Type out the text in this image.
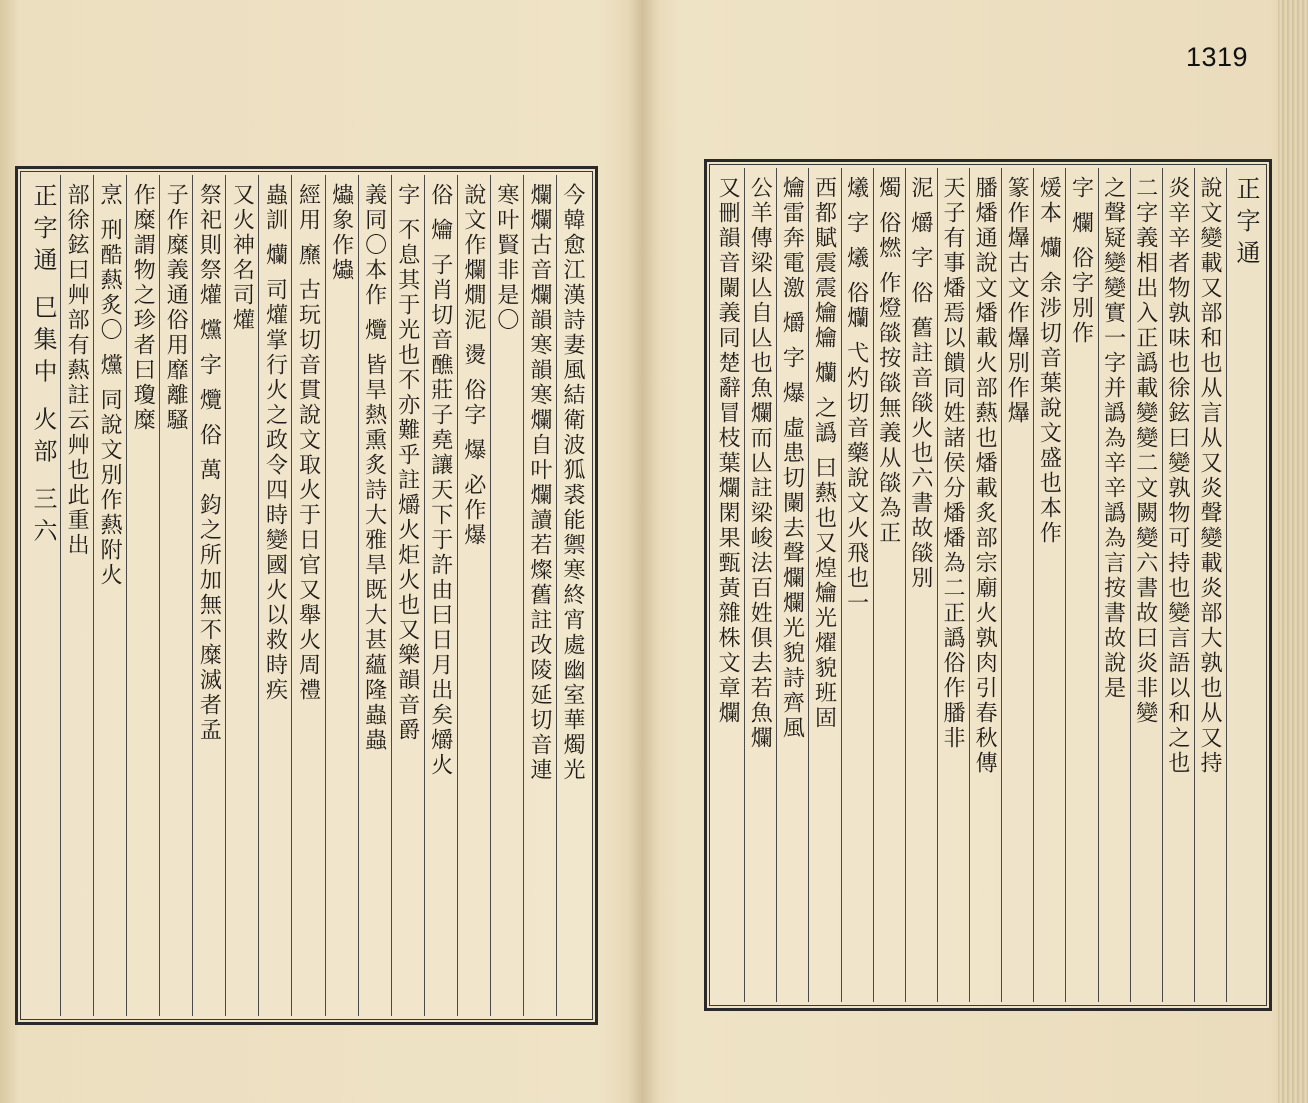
1319
今韓愈江漢詩妻風結衛波狐裘能禦寒終宵處幽室華燭光
爛爛古音爛韻寒韻寒爛自叶爛讀若燦舊註改陵延切音連
寒叶賢非是〇
說文作爛燗泥 燙 俗字 爆 必作爆
俗 爚 子肖切音醮莊子堯讓天下于許由曰日月出矣爝火
字 不息其于光也不亦難乎註爝火炬火也又樂韻音爵
義同〇本作 爦 皆旱熱熏炙詩大雅旱既大甚蘊隆蟲蟲
爞象作爞
經用 爢 古玩切音貫說文取火于日官又舉火周禮
蟲訓 爤 司爟掌行火之政令四時變國火以救時疾
又火神名司爟
祭祀則祭爟 爣 字 爦 俗 萬 鈞之所加無不糜滅者孟
子作糜義通俗用靡離騷
作糜謂物之珍者曰瓊糜
烹 刑酷爇炙〇 爣 同說文別作爇附火
部徐鉉曰艸部有爇註云艸也此重出
正字通 巳集中 火部 三六	正字通
說文變載又部和也从言从又炎聲變載炎部大孰也从又持
炎辛辛者物孰味也徐鉉曰變孰物可持也變言語以和之也
二字義相出入正譌載變變二文闕變六書故曰炎非變
之聲疑變變實一字并譌為辛辛譌為言按書故說是
字 爛 俗字別作
煖本 爤 余涉切音葉說文盛也本作
篆作爗古文作爗別作爗
膰燔通說文燔載火部爇也燔載炙部宗廟火孰肉引春秋傳
天子有事燔焉以饋同姓諸侯分燔燔為二正譌俗作膰非
泥 爝 字 俗 舊註音燄火也六書故燄別
燭 俗燃 作燈燄按燄無義从燄為正
爔 字 爔 俗爤 弋灼切音藥說文火飛也一
西都賦震震爚爚 爤 之譌 曰爇也又煌爚光燿貌班固
爚雷奔電激 爝 字 爆 虛患切闌去聲爛爛光貌詩齊風
公羊傳梁亾自亾也魚爛而亾註梁峻法百姓俱去若魚爛
又刪韻音闌義同楚辭冒枝葉爛閑果甄黃雜株文章爛
